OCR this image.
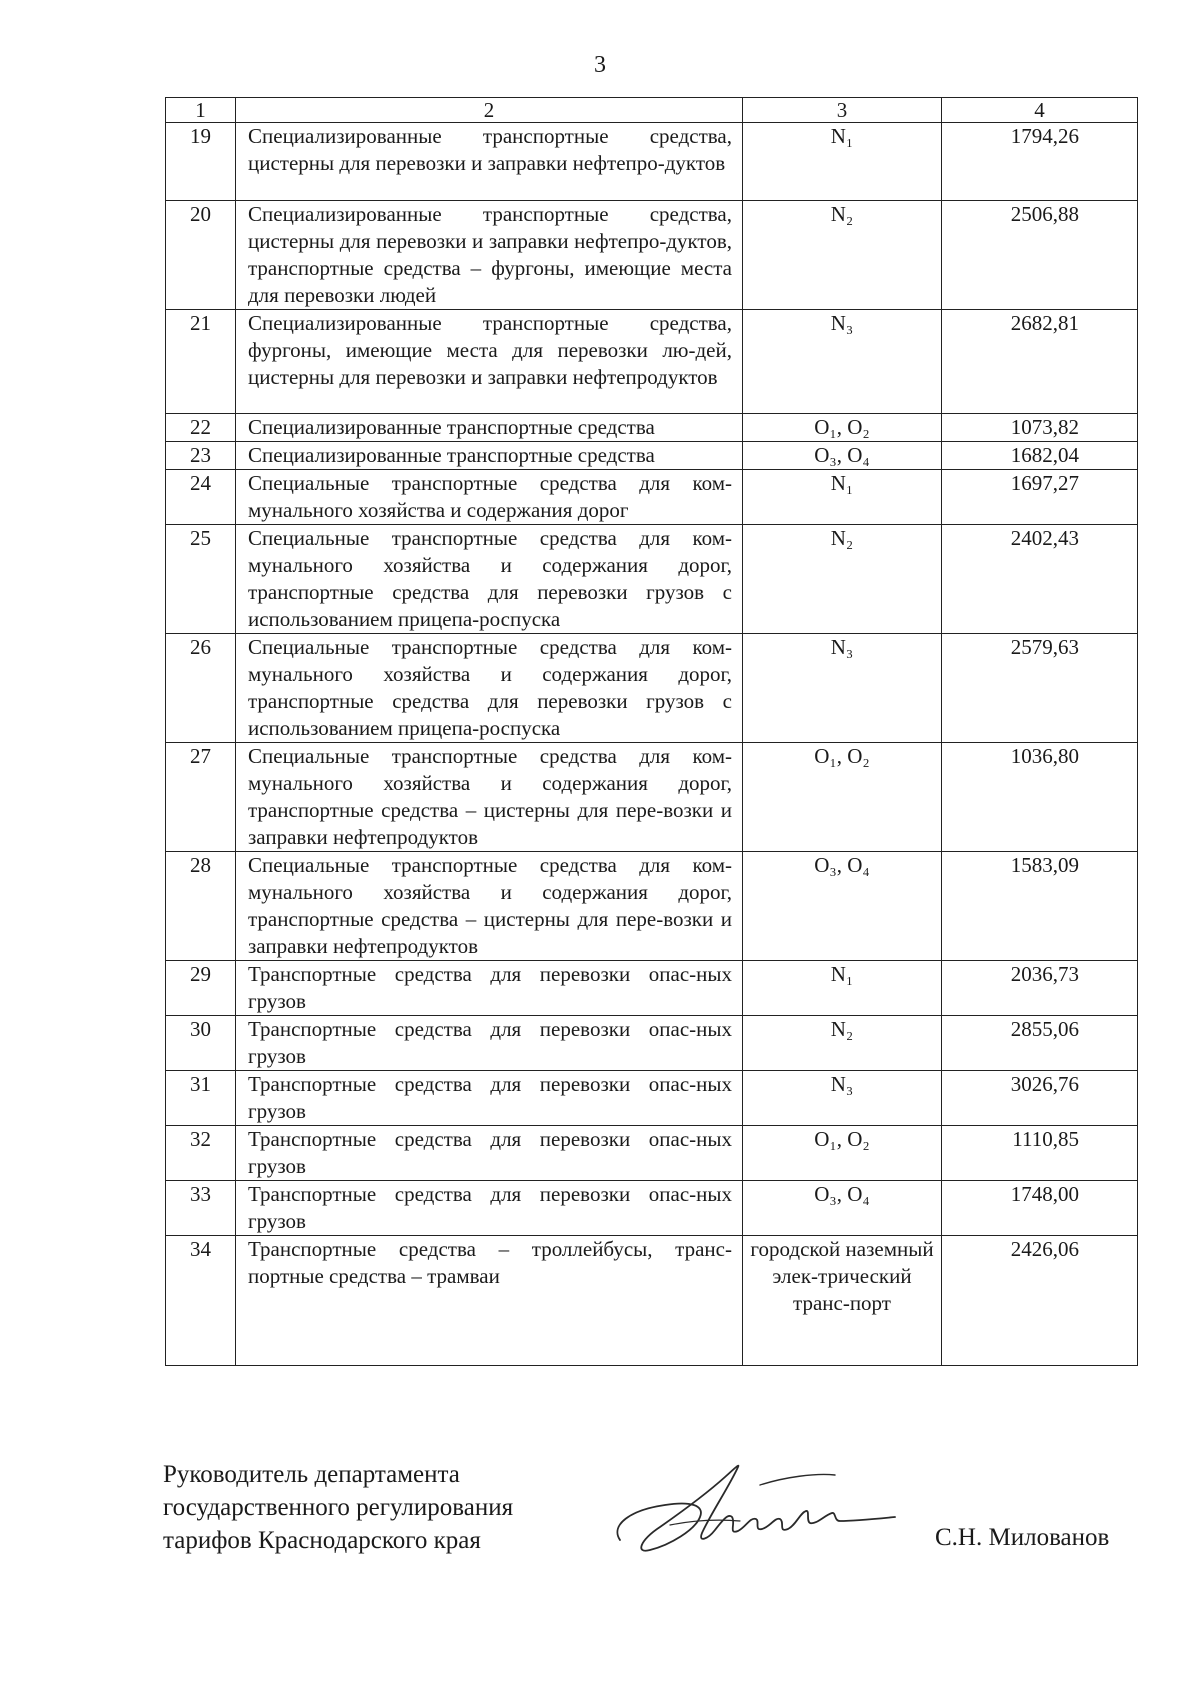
3
1	2	3	4
19	Специализированные транспортные средства, цистерны для перевозки и заправки нефтепро-дуктов	N₁	1794,26
20	Специализированные транспортные средства, цистерны для перевозки и заправки нефтепро-дуктов, транспортные средства – фургоны, имеющие места для перевозки людей	N₂	2506,88
21	Специализированные транспортные средства, фургоны, имеющие места для перевозки лю-дей, цистерны для перевозки и заправки нефтепродуктов	N₃	2682,81
22	Специализированные транспортные средства	O₁, O₂	1073,82
23	Специализированные транспортные средства	O₃, O₄	1682,04
24	Специальные транспортные средства для ком-мунального хозяйства и содержания дорог	N₁	1697,27
25	Специальные транспортные средства для ком-мунального хозяйства и содержания дорог, транспортные средства для перевозки грузов с использованием прицепа-роспуска	N₂	2402,43
26	Специальные транспортные средства для ком-мунального хозяйства и содержания дорог, транспортные средства для перевозки грузов с использованием прицепа-роспуска	N₃	2579,63
27	Специальные транспортные средства для ком-мунального хозяйства и содержания дорог, транспортные средства – цистерны для пере-возки и заправки нефтепродуктов	O₁, O₂	1036,80
28	Специальные транспортные средства для ком-мунального хозяйства и содержания дорог, транспортные средства – цистерны для пере-возки и заправки нефтепродуктов	O₃, O₄	1583,09
29	Транспортные средства для перевозки опас-ных грузов	N₁	2036,73
30	Транспортные средства для перевозки опас-ных грузов	N₂	2855,06
31	Транспортные средства для перевозки опас-ных грузов	N₃	3026,76
32	Транспортные средства для перевозки опас-ных грузов	O₁, O₂	1110,85
33	Транспортные средства для перевозки опас-ных грузов	O₃, O₄	1748,00
34	Транспортные средства – троллейбусы, транс-портные средства – трамваи	городской наземный элек-трический транс-порт	2426,06
Руководитель департамента
государственного регулирования
тарифов Краснодарского края	С.Н. Милованов
